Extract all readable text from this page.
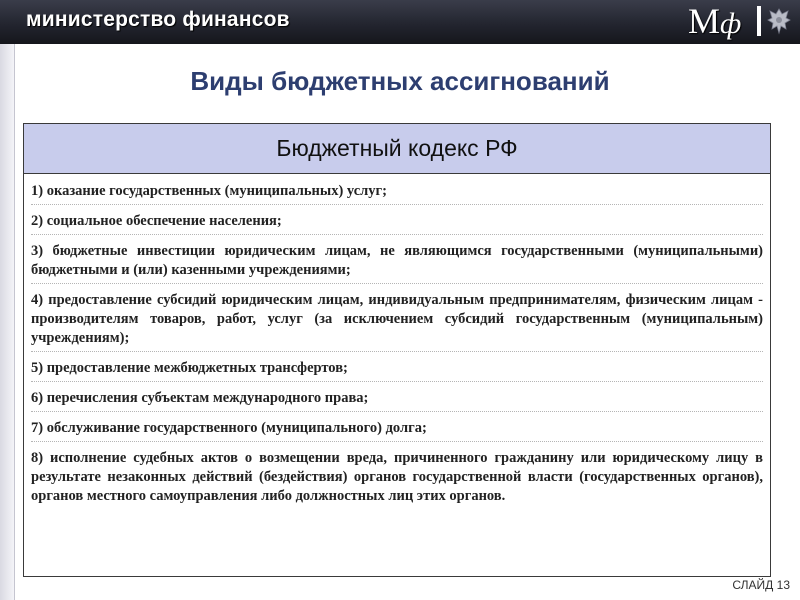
министерство финансов	Мф
Виды бюджетных ассигнований
Бюджетный кодекс РФ
1) оказание государственных (муниципальных) услуг;
2) социальное обеспечение населения;
3) бюджетные инвестиции юридическим лицам, не являющимся государственными (муниципальными) бюджетными и (или) казенными учреждениями;
4) предоставление субсидий юридическим лицам, индивидуальным предпринимателям, физическим лицам - производителям товаров, работ, услуг (за исключением субсидий государственным (муниципальным) учреждениям);
5) предоставление межбюджетных трансфертов;
6) перечисления субъектам международного права;
7) обслуживание государственного (муниципального) долга;
8) исполнение судебных актов о возмещении вреда, причиненного гражданину или юридическому лицу в результате незаконных действий (бездействия) органов государственной власти (государственных органов), органов местного самоуправления либо должностных лиц этих органов.
СЛАЙД 13
